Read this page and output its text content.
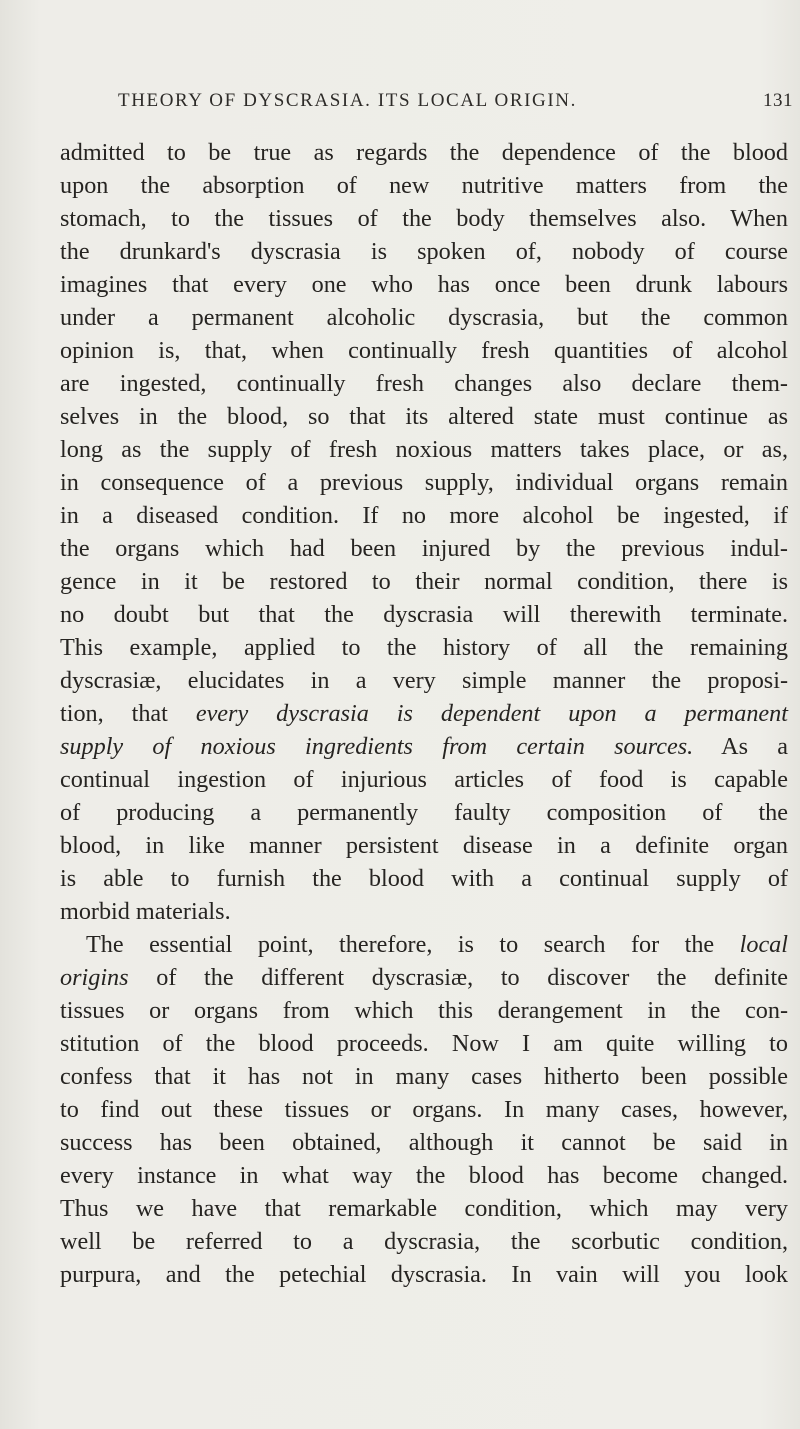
THEORY OF DYSCRASIA. ITS LOCAL ORIGIN.	131
admitted to be true as regards the dependence of the blood
upon the absorption of new nutritive matters from the
stomach, to the tissues of the body themselves also. When
the drunkard's dyscrasia is spoken of, nobody of course
imagines that every one who has once been drunk labours
under a permanent alcoholic dyscrasia, but the common
opinion is, that, when continually fresh quantities of alcohol
are ingested, continually fresh changes also declare them-
selves in the blood, so that its altered state must continue as
long as the supply of fresh noxious matters takes place, or as,
in consequence of a previous supply, individual organs remain
in a diseased condition. If no more alcohol be ingested, if
the organs which had been injured by the previous indul-
gence in it be restored to their normal condition, there is
no doubt but that the dyscrasia will therewith terminate.
This example, applied to the history of all the remaining
dyscrasiæ, elucidates in a very simple manner the proposi-
tion, that every dyscrasia is dependent upon a permanent
supply of noxious ingredients from certain sources. As a
continual ingestion of injurious articles of food is capable
of producing a permanently faulty composition of the
blood, in like manner persistent disease in a definite organ
is able to furnish the blood with a continual supply of
morbid materials.
The essential point, therefore, is to search for the local
origins of the different dyscrasiæ, to discover the definite
tissues or organs from which this derangement in the con-
stitution of the blood proceeds. Now I am quite willing to
confess that it has not in many cases hitherto been possible
to find out these tissues or organs. In many cases, however,
success has been obtained, although it cannot be said in
every instance in what way the blood has become changed.
Thus we have that remarkable condition, which may very
well be referred to a dyscrasia, the scorbutic condition,
purpura, and the petechial dyscrasia. In vain will you look
